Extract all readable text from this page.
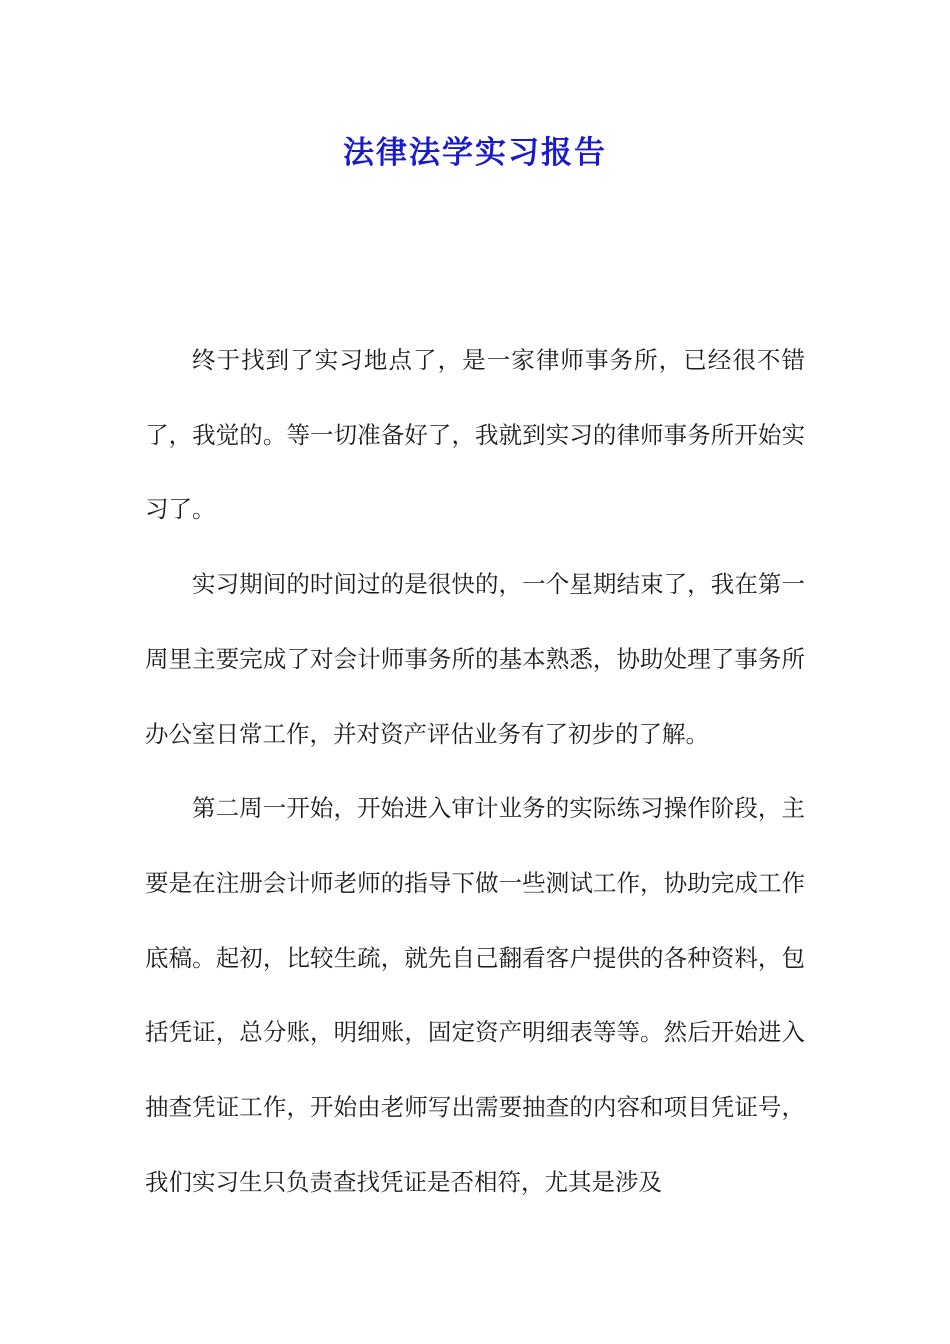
法律法学实习报告

终于找到了实习地点了，是一家律师事务所，已经很不错了，我觉的。等一切准备好了，我就到实习的律师事务所开始实习了。

实习期间的时间过的是很快的，一个星期结束了，我在第一周里主要完成了对会计师事务所的基本熟悉，协助处理了事务所办公室日常工作，并对资产评估业务有了初步的了解。

第二周一开始，开始进入审计业务的实际练习操作阶段，主要是在注册会计师老师的指导下做一些测试工作，协助完成工作底稿。起初，比较生疏，就先自己翻看客户提供的各种资料，包括凭证，总分账，明细账，固定资产明细表等等。然后开始进入抽查凭证工作，开始由老师写出需要抽查的内容和项目凭证号，我们实习生只负责查找凭证是否相符，尤其是涉及
